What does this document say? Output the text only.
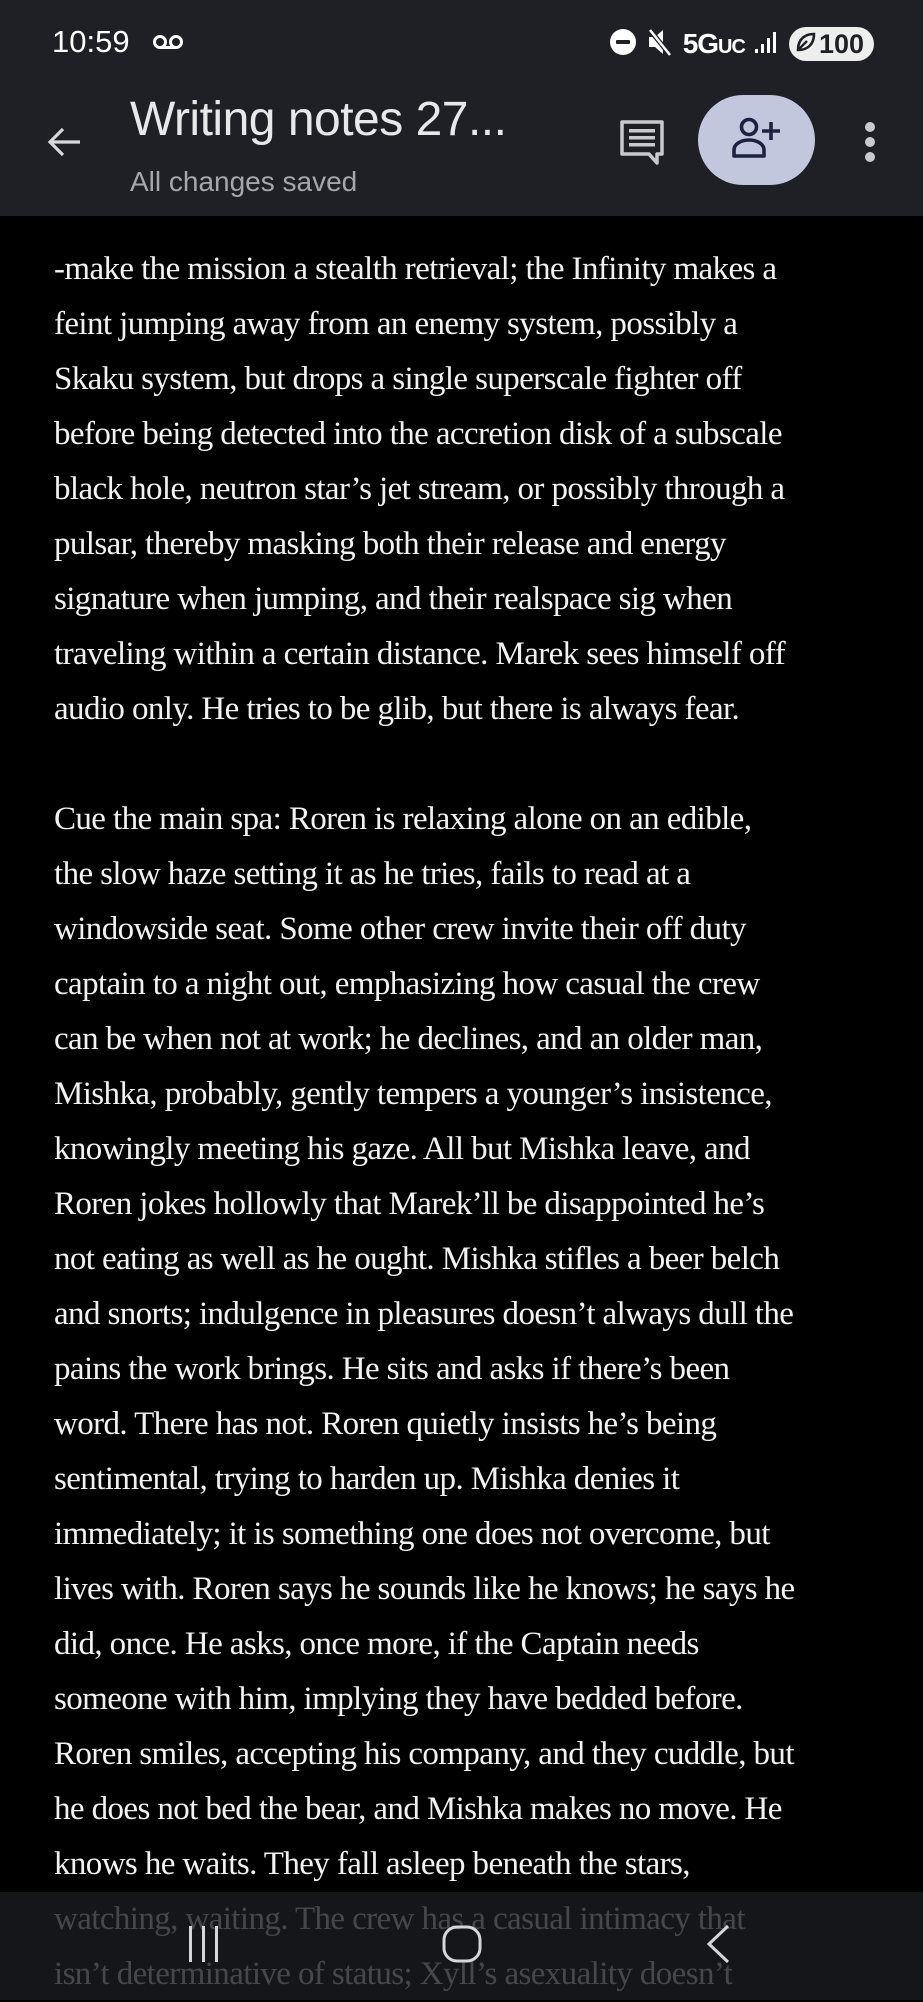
10:59	5GUC	100
Writing notes 27...
All changes saved

-make the mission a stealth retrieval; the Infinity makes a
feint jumping away from an enemy system, possibly a
Skaku system, but drops a single superscale fighter off
before being detected into the accretion disk of a subscale
black hole, neutron star’s jet stream, or possibly through a
pulsar, thereby masking both their release and energy
signature when jumping, and their realspace sig when
traveling within a certain distance. Marek sees himself off
audio only. He tries to be glib, but there is always fear.

Cue the main spa: Roren is relaxing alone on an edible,
the slow haze setting it as he tries, fails to read at a
windowside seat. Some other crew invite their off duty
captain to a night out, emphasizing how casual the crew
can be when not at work; he declines, and an older man,
Mishka, probably, gently tempers a younger’s insistence,
knowingly meeting his gaze. All but Mishka leave, and
Roren jokes hollowly that Marek’ll be disappointed he’s
not eating as well as he ought. Mishka stifles a beer belch
and snorts; indulgence in pleasures doesn’t always dull the
pains the work brings. He sits and asks if there’s been
word. There has not. Roren quietly insists he’s being
sentimental, trying to harden up. Mishka denies it
immediately; it is something one does not overcome, but
lives with. Roren says he sounds like he knows; he says he
did, once. He asks, once more, if the Captain needs
someone with him, implying they have bedded before.
Roren smiles, accepting his company, and they cuddle, but
he does not bed the bear, and Mishka makes no move. He
knows he waits. They fall asleep beneath the stars,
